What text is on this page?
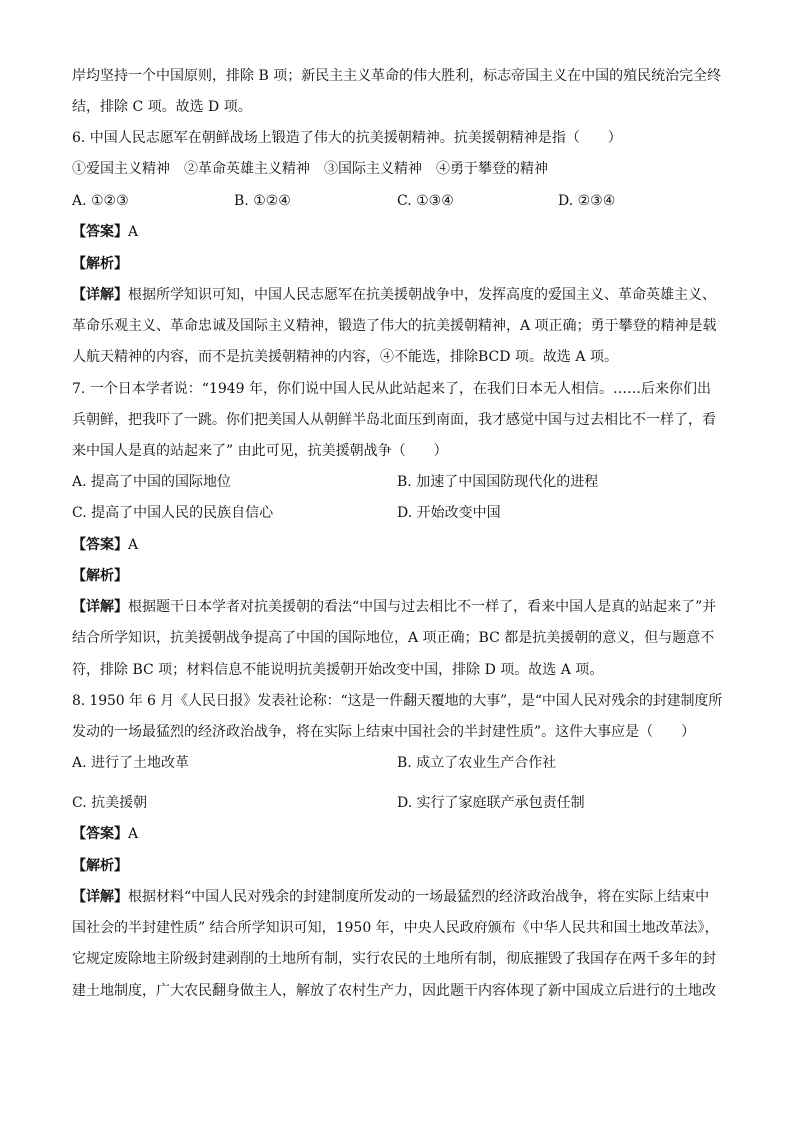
岸均坚持一个中国原则，排除 B 项；新民主主义革命的伟大胜利，标志帝国主义在中国的殖民统治完全终
结，排除 C 项。故选 D 项。
6. 中国人民志愿军在朝鲜战场上锻造了伟大的抗美援朝精神。抗美援朝精神是指（　　）
①爱国主义精神　②革命英雄主义精神　③国际主义精神　④勇于攀登的精神
A. ①②③	B. ①②④	C. ①③④	D. ②③④
【答案】A
【解析】
【详解】根据所学知识可知，中国人民志愿军在抗美援朝战争中，发挥高度的爱国主义、革命英雄主义、
革命乐观主义、革命忠诚及国际主义精神，锻造了伟大的抗美援朝精神，A 项正确；勇于攀登的精神是载
人航天精神的内容，而不是抗美援朝精神的内容，④不能选，排除BCD 项。故选 A 项。
7. 一个日本学者说：“1949 年，你们说中国人民从此站起来了，在我们日本无人相信。……后来你们出
兵朝鲜，把我吓了一跳。你们把美国人从朝鲜半岛北面压到南面，我才感觉中国与过去相比不一样了，看
来中国人是真的站起来了” 由此可见，抗美援朝战争（　　）
A. 提高了中国的国际地位	B. 加速了中国国防现代化的进程
C. 提高了中国人民的民族自信心	D. 开始改变中国
【答案】A
【解析】
【详解】根据题干日本学者对抗美援朝的看法“中国与过去相比不一样了，看来中国人是真的站起来了”并
结合所学知识，抗美援朝战争提高了中国的国际地位，A 项正确；BC 都是抗美援朝的意义，但与题意不
符，排除 BC 项；材料信息不能说明抗美援朝开始改变中国，排除 D 项。故选 A 项。
8. 1950 年 6 月《人民日报》发表社论称：“这是一件翻天覆地的大事”，是“中国人民对残余的封建制度所
发动的一场最猛烈的经济政治战争，将在实际上结束中国社会的半封建性质”。这件大事应是（　　）
A. 进行了土地改革	B. 成立了农业生产合作社
C. 抗美援朝	D. 实行了家庭联产承包责任制
【答案】A
【解析】
【详解】根据材料“中国人民对残余的封建制度所发动的一场最猛烈的经济政治战争，将在实际上结束中
国社会的半封建性质” 结合所学知识可知，1950 年，中央人民政府颁布《中华人民共和国土地改革法》，
它规定废除地主阶级封建剥削的土地所有制，实行农民的土地所有制，彻底摧毁了我国存在两千多年的封
建土地制度，广大农民翻身做主人，解放了农村生产力，因此题干内容体现了新中国成立后进行的土地改
